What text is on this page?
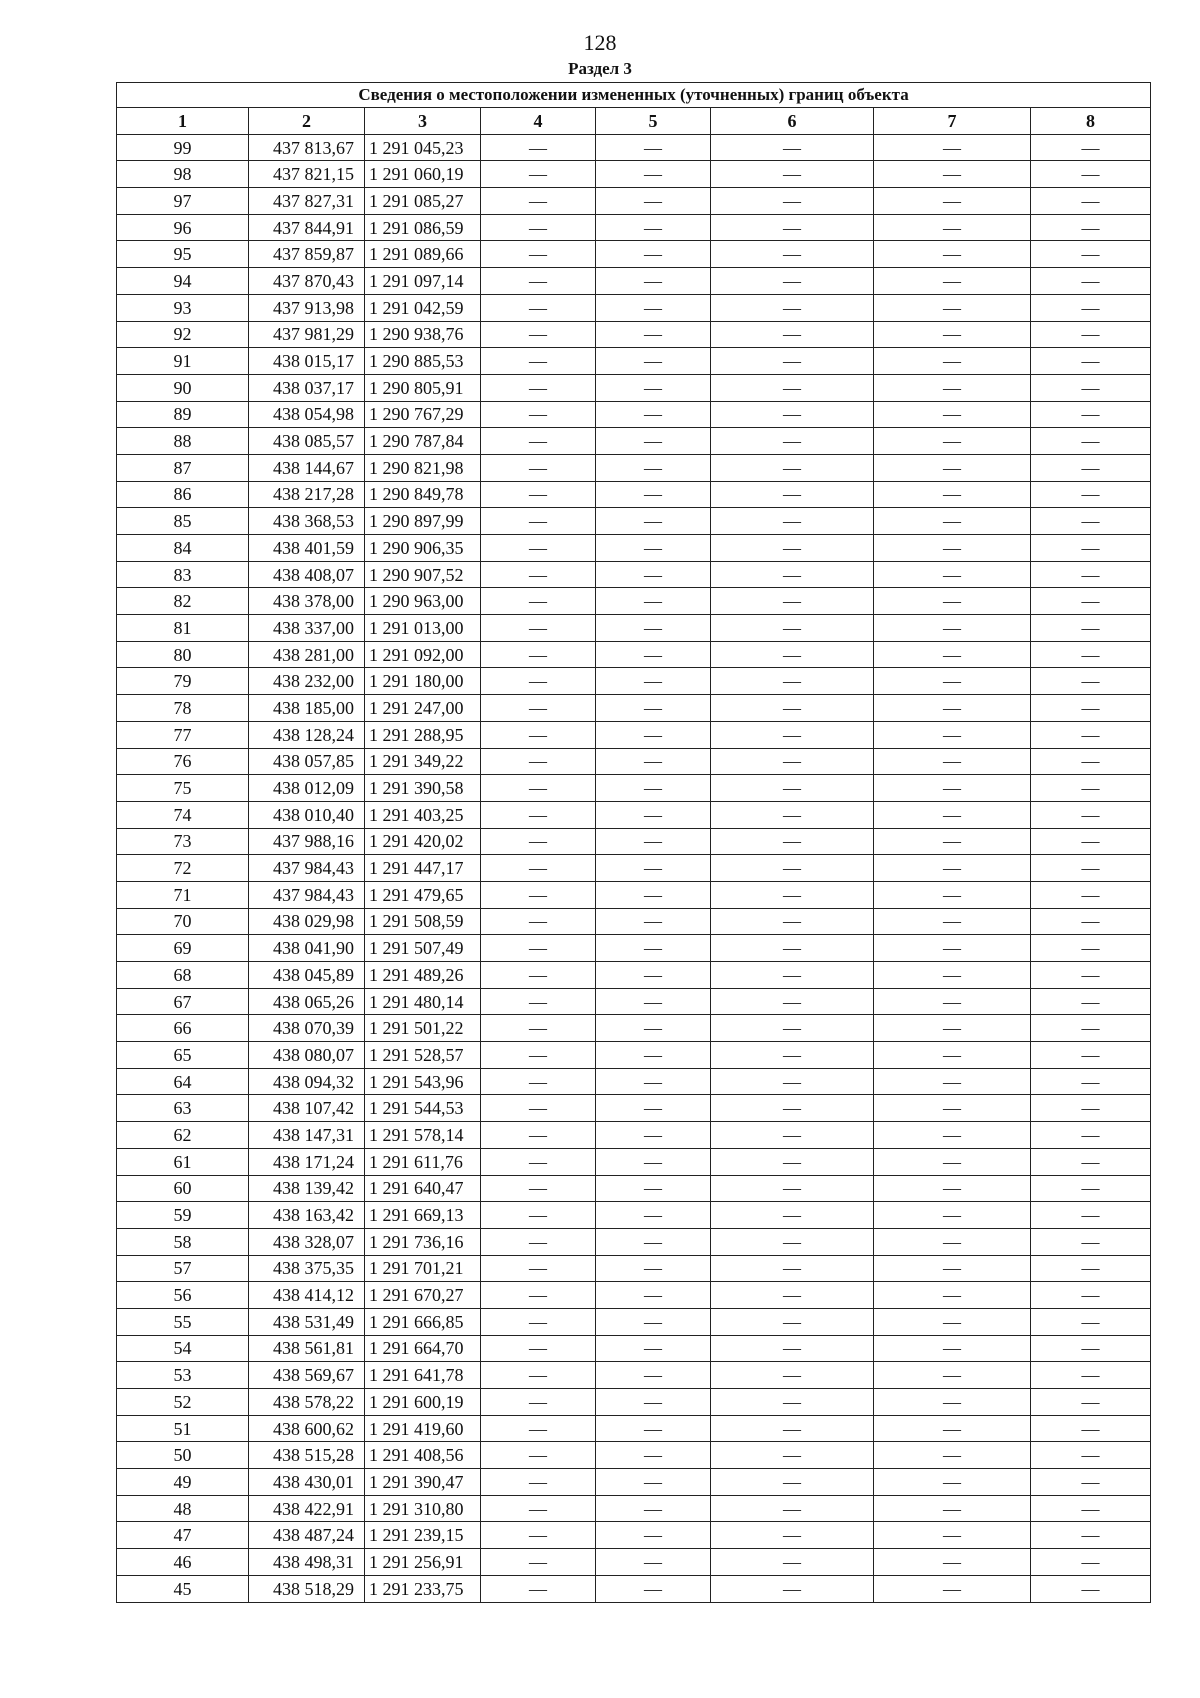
128
Раздел 3
Сведения о местоположении измененных (уточненных) границ объекта							
1	2	3	4	5	6	7	8
99	437 813,67	1 291 045,23	—	—	—	—	—
98	437 821,15	1 291 060,19	—	—	—	—	—
97	437 827,31	1 291 085,27	—	—	—	—	—
96	437 844,91	1 291 086,59	—	—	—	—	—
95	437 859,87	1 291 089,66	—	—	—	—	—
94	437 870,43	1 291 097,14	—	—	—	—	—
93	437 913,98	1 291 042,59	—	—	—	—	—
92	437 981,29	1 290 938,76	—	—	—	—	—
91	438 015,17	1 290 885,53	—	—	—	—	—
90	438 037,17	1 290 805,91	—	—	—	—	—
89	438 054,98	1 290 767,29	—	—	—	—	—
88	438 085,57	1 290 787,84	—	—	—	—	—
87	438 144,67	1 290 821,98	—	—	—	—	—
86	438 217,28	1 290 849,78	—	—	—	—	—
85	438 368,53	1 290 897,99	—	—	—	—	—
84	438 401,59	1 290 906,35	—	—	—	—	—
83	438 408,07	1 290 907,52	—	—	—	—	—
82	438 378,00	1 290 963,00	—	—	—	—	—
81	438 337,00	1 291 013,00	—	—	—	—	—
80	438 281,00	1 291 092,00	—	—	—	—	—
79	438 232,00	1 291 180,00	—	—	—	—	—
78	438 185,00	1 291 247,00	—	—	—	—	—
77	438 128,24	1 291 288,95	—	—	—	—	—
76	438 057,85	1 291 349,22	—	—	—	—	—
75	438 012,09	1 291 390,58	—	—	—	—	—
74	438 010,40	1 291 403,25	—	—	—	—	—
73	437 988,16	1 291 420,02	—	—	—	—	—
72	437 984,43	1 291 447,17	—	—	—	—	—
71	437 984,43	1 291 479,65	—	—	—	—	—
70	438 029,98	1 291 508,59	—	—	—	—	—
69	438 041,90	1 291 507,49	—	—	—	—	—
68	438 045,89	1 291 489,26	—	—	—	—	—
67	438 065,26	1 291 480,14	—	—	—	—	—
66	438 070,39	1 291 501,22	—	—	—	—	—
65	438 080,07	1 291 528,57	—	—	—	—	—
64	438 094,32	1 291 543,96	—	—	—	—	—
63	438 107,42	1 291 544,53	—	—	—	—	—
62	438 147,31	1 291 578,14	—	—	—	—	—
61	438 171,24	1 291 611,76	—	—	—	—	—
60	438 139,42	1 291 640,47	—	—	—	—	—
59	438 163,42	1 291 669,13	—	—	—	—	—
58	438 328,07	1 291 736,16	—	—	—	—	—
57	438 375,35	1 291 701,21	—	—	—	—	—
56	438 414,12	1 291 670,27	—	—	—	—	—
55	438 531,49	1 291 666,85	—	—	—	—	—
54	438 561,81	1 291 664,70	—	—	—	—	—
53	438 569,67	1 291 641,78	—	—	—	—	—
52	438 578,22	1 291 600,19	—	—	—	—	—
51	438 600,62	1 291 419,60	—	—	—	—	—
50	438 515,28	1 291 408,56	—	—	—	—	—
49	438 430,01	1 291 390,47	—	—	—	—	—
48	438 422,91	1 291 310,80	—	—	—	—	—
47	438 487,24	1 291 239,15	—	—	—	—	—
46	438 498,31	1 291 256,91	—	—	—	—	—
45	438 518,29	1 291 233,75	—	—	—	—	—
